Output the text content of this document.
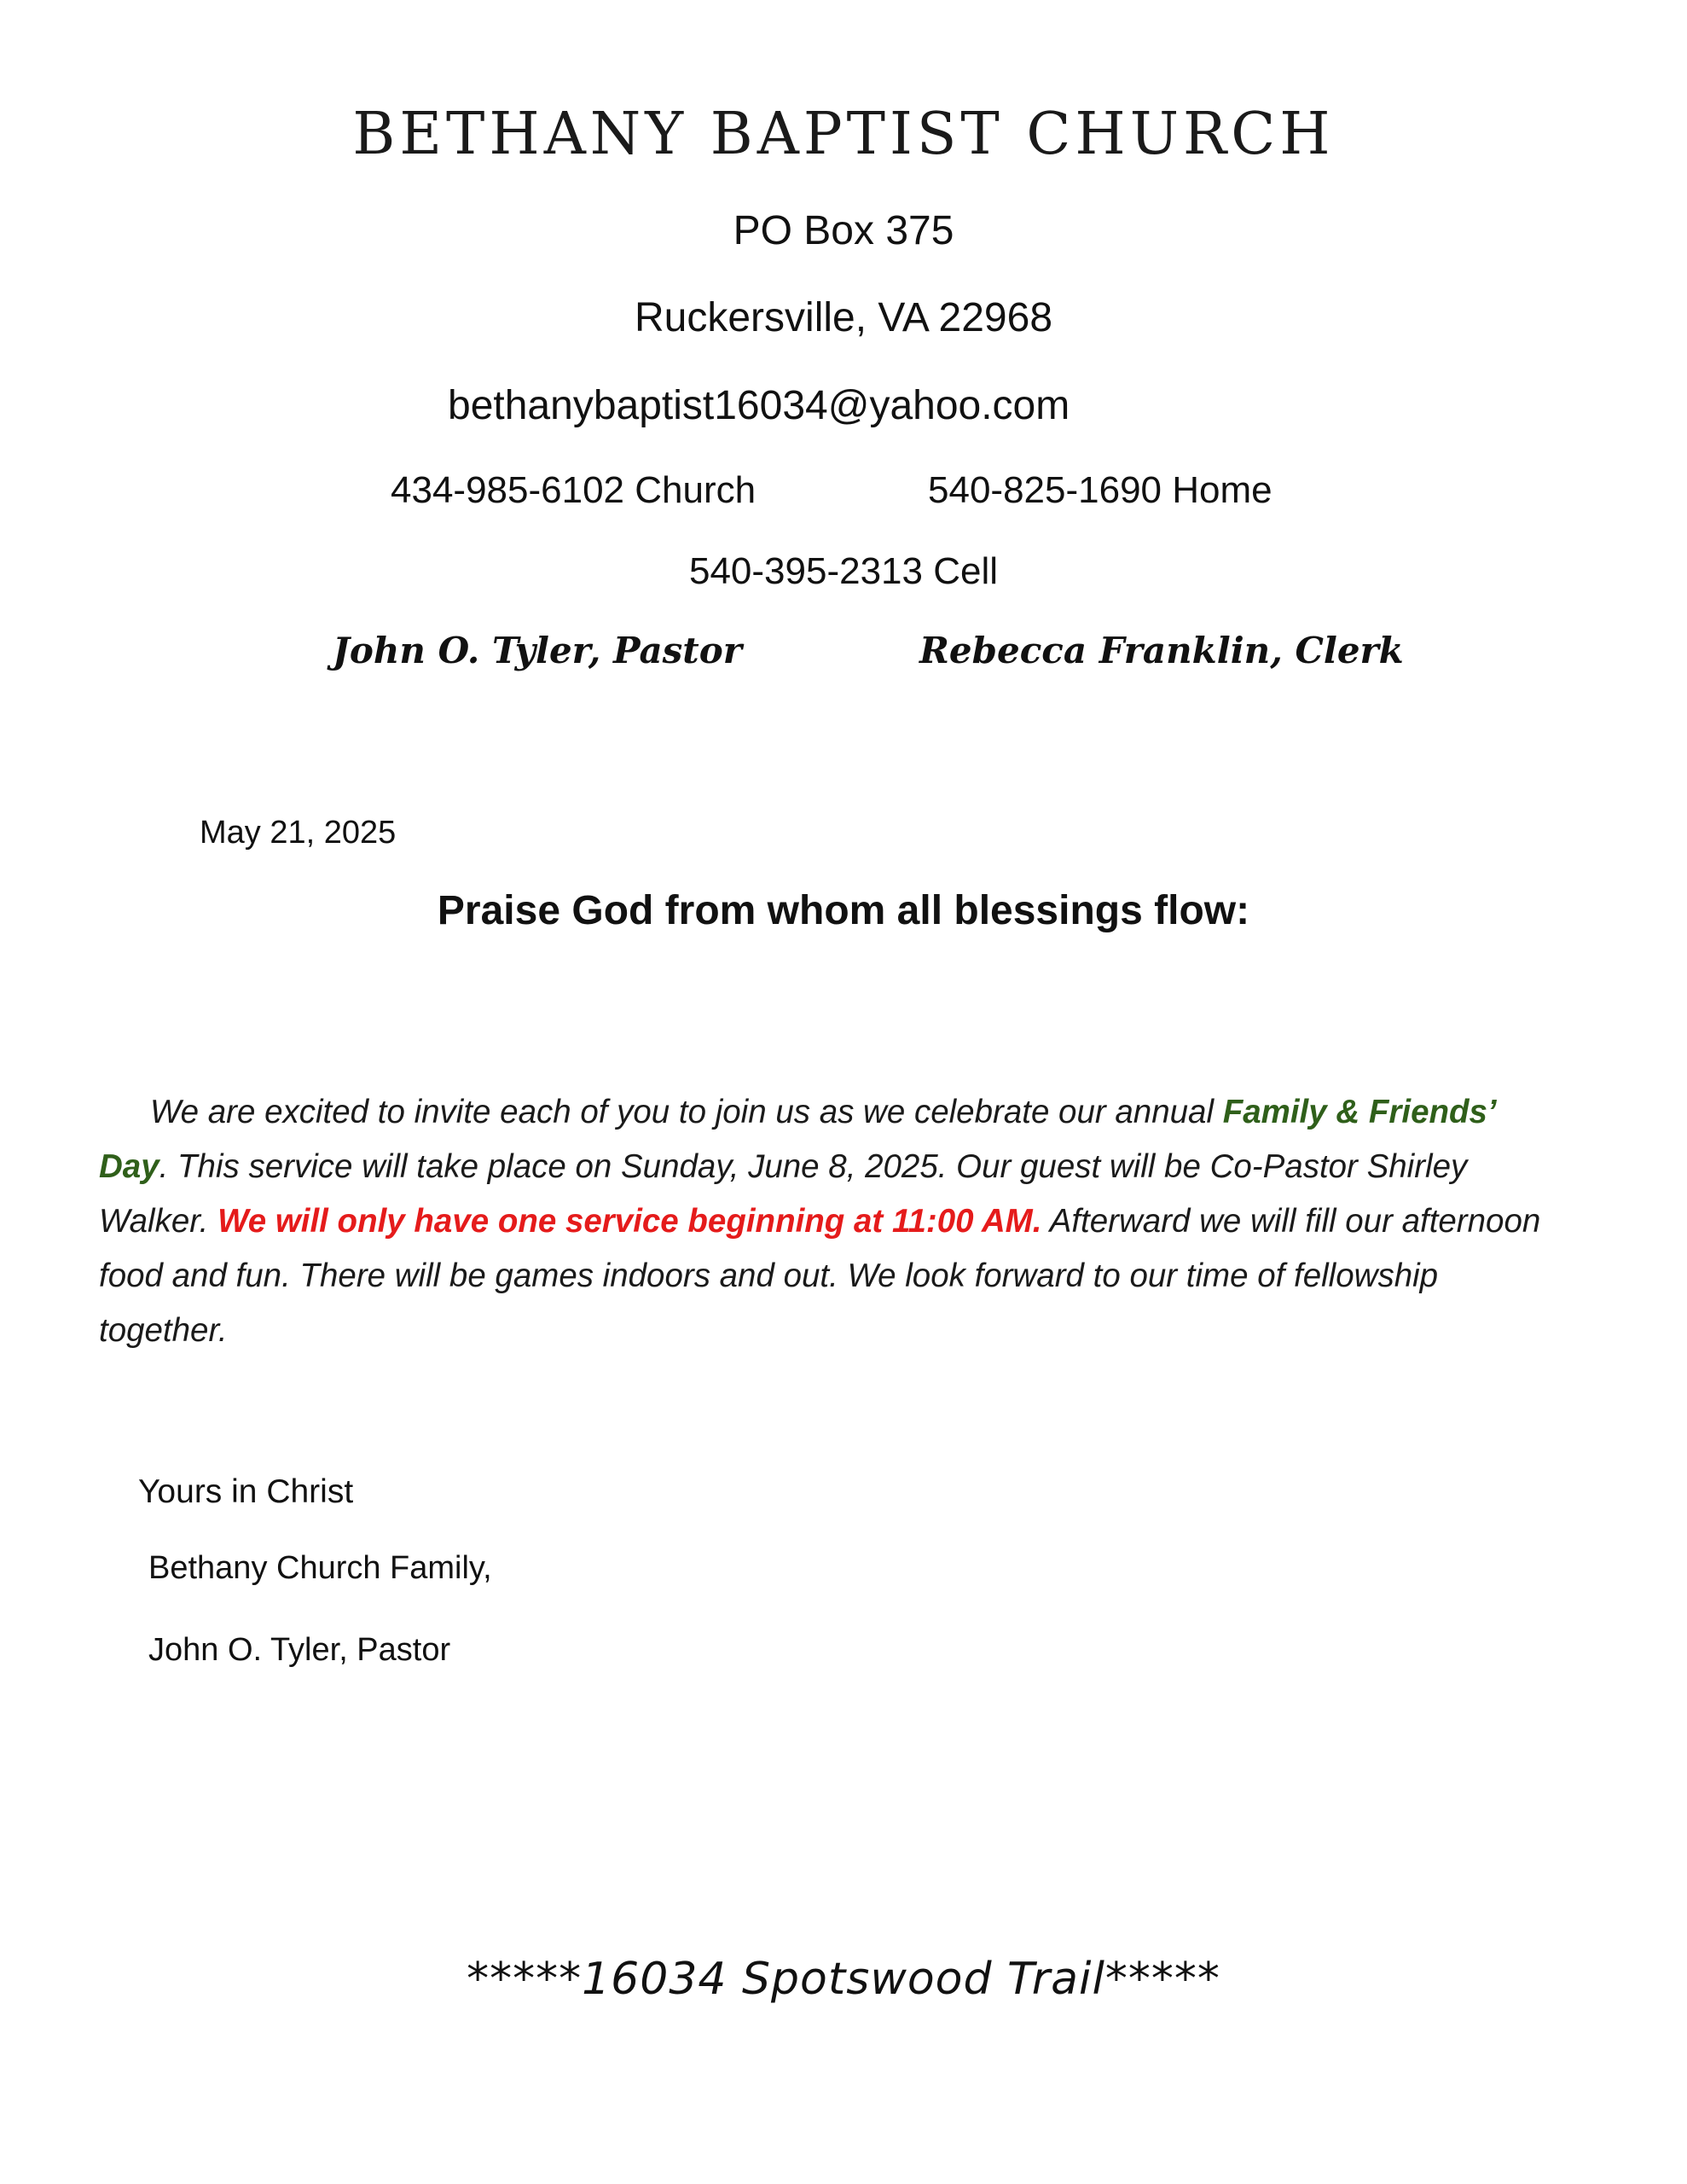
BETHANY BAPTIST CHURCH
PO Box 375
Ruckersville, VA 22968
bethanybaptist16034@yahoo.com
434-985-6102 Church	540-825-1690 Home
540-395-2313 Cell
John O. Tyler, Pastor	Rebecca Franklin, Clerk
May 21, 2025
Praise God from whom all blessings flow:
We are excited to invite each of you to join us as we celebrate our annual Family & Friends’ Day. This service will take place on Sunday, June 8, 2025. Our guest will be Co-Pastor Shirley Walker. We will only have one service beginning at 11:00 AM. Afterward we will fill our afternoon food and fun. There will be games indoors and out. We look forward to our time of fellowship together.
Yours in Christ
Bethany Church Family,
John O. Tyler, Pastor
*****16034 Spotswood Trail*****
